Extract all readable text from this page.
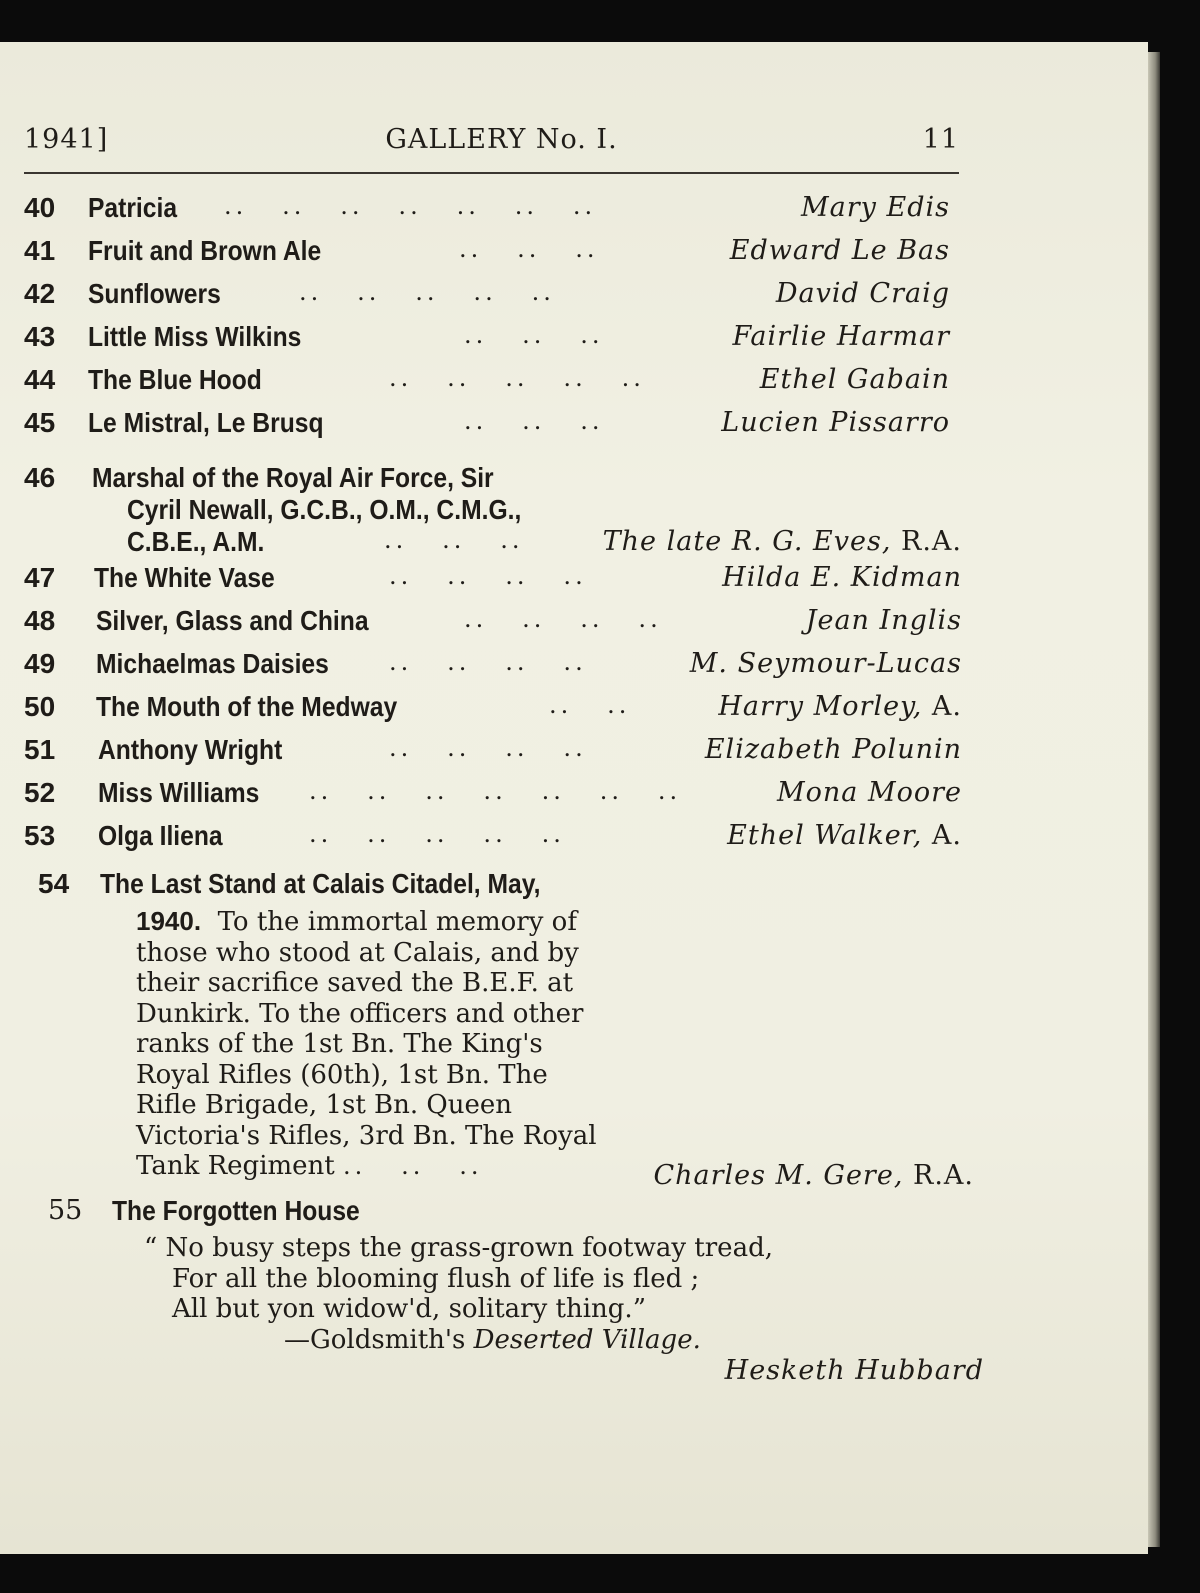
1941]	GALLERY No. I.	11
40 Patricia ..   ..   ..   ..   ..   ..   ..	Mary Edis
41 Fruit and Brown Ale	..   ..   ..	Edward Le Bas
42 Sunflowers	..   ..   ..   ..   ..	David Craig
43 Little Miss Wilkins	..   ..   ..	Fairlie Harmar
44 The Blue Hood	..   ..   ..   ..   ..	Ethel Gabain
45 Le Mistral, Le Brusq	..   ..   ..	Lucien Pissarro
46 Marshal of the Royal Air Force, Sir
Cyril Newall, G.C.B., O.M., C.M.G.,
C.B.E., A.M.	..   ..   ..	The late R. G. Eves, R.A.
47 The White Vase	..   ..   ..   ..	Hilda E. Kidman
48 Silver, Glass and China	..   ..   ..   ..	Jean Inglis
49 Michaelmas Daisies	..   ..   ..   ..	M. Seymour-Lucas
50 The Mouth of the Medway	..   ..	Harry Morley, A.
51 Anthony Wright	..   ..   ..   ..	Elizabeth Polunin
52 Miss Williams ..   ..   ..   ..   ..   ..   ..	Mona Moore
53 Olga Iliena	..   ..   ..   ..   ..	Ethel Walker, A.
54 The Last Stand at Calais Citadel, May,
1940. To the immortal memory of
those who stood at Calais, and by
their sacrifice saved the B.E.F. at
Dunkirk. To the officers and other
ranks of the 1st Bn. The King's
Royal Rifles (60th), 1st Bn. The
Rifle Brigade, 1st Bn. Queen
Victoria's Rifles, 3rd Bn. The Royal
Tank Regiment ..   ..   ..	Charles M. Gere, R.A.
55 The Forgotten House
“ No busy steps the grass-grown footway tread,
For all the blooming flush of life is fled ;
All but yon widow'd, solitary thing.”
—Goldsmith's Deserted Village.
Hesketh Hubbard
